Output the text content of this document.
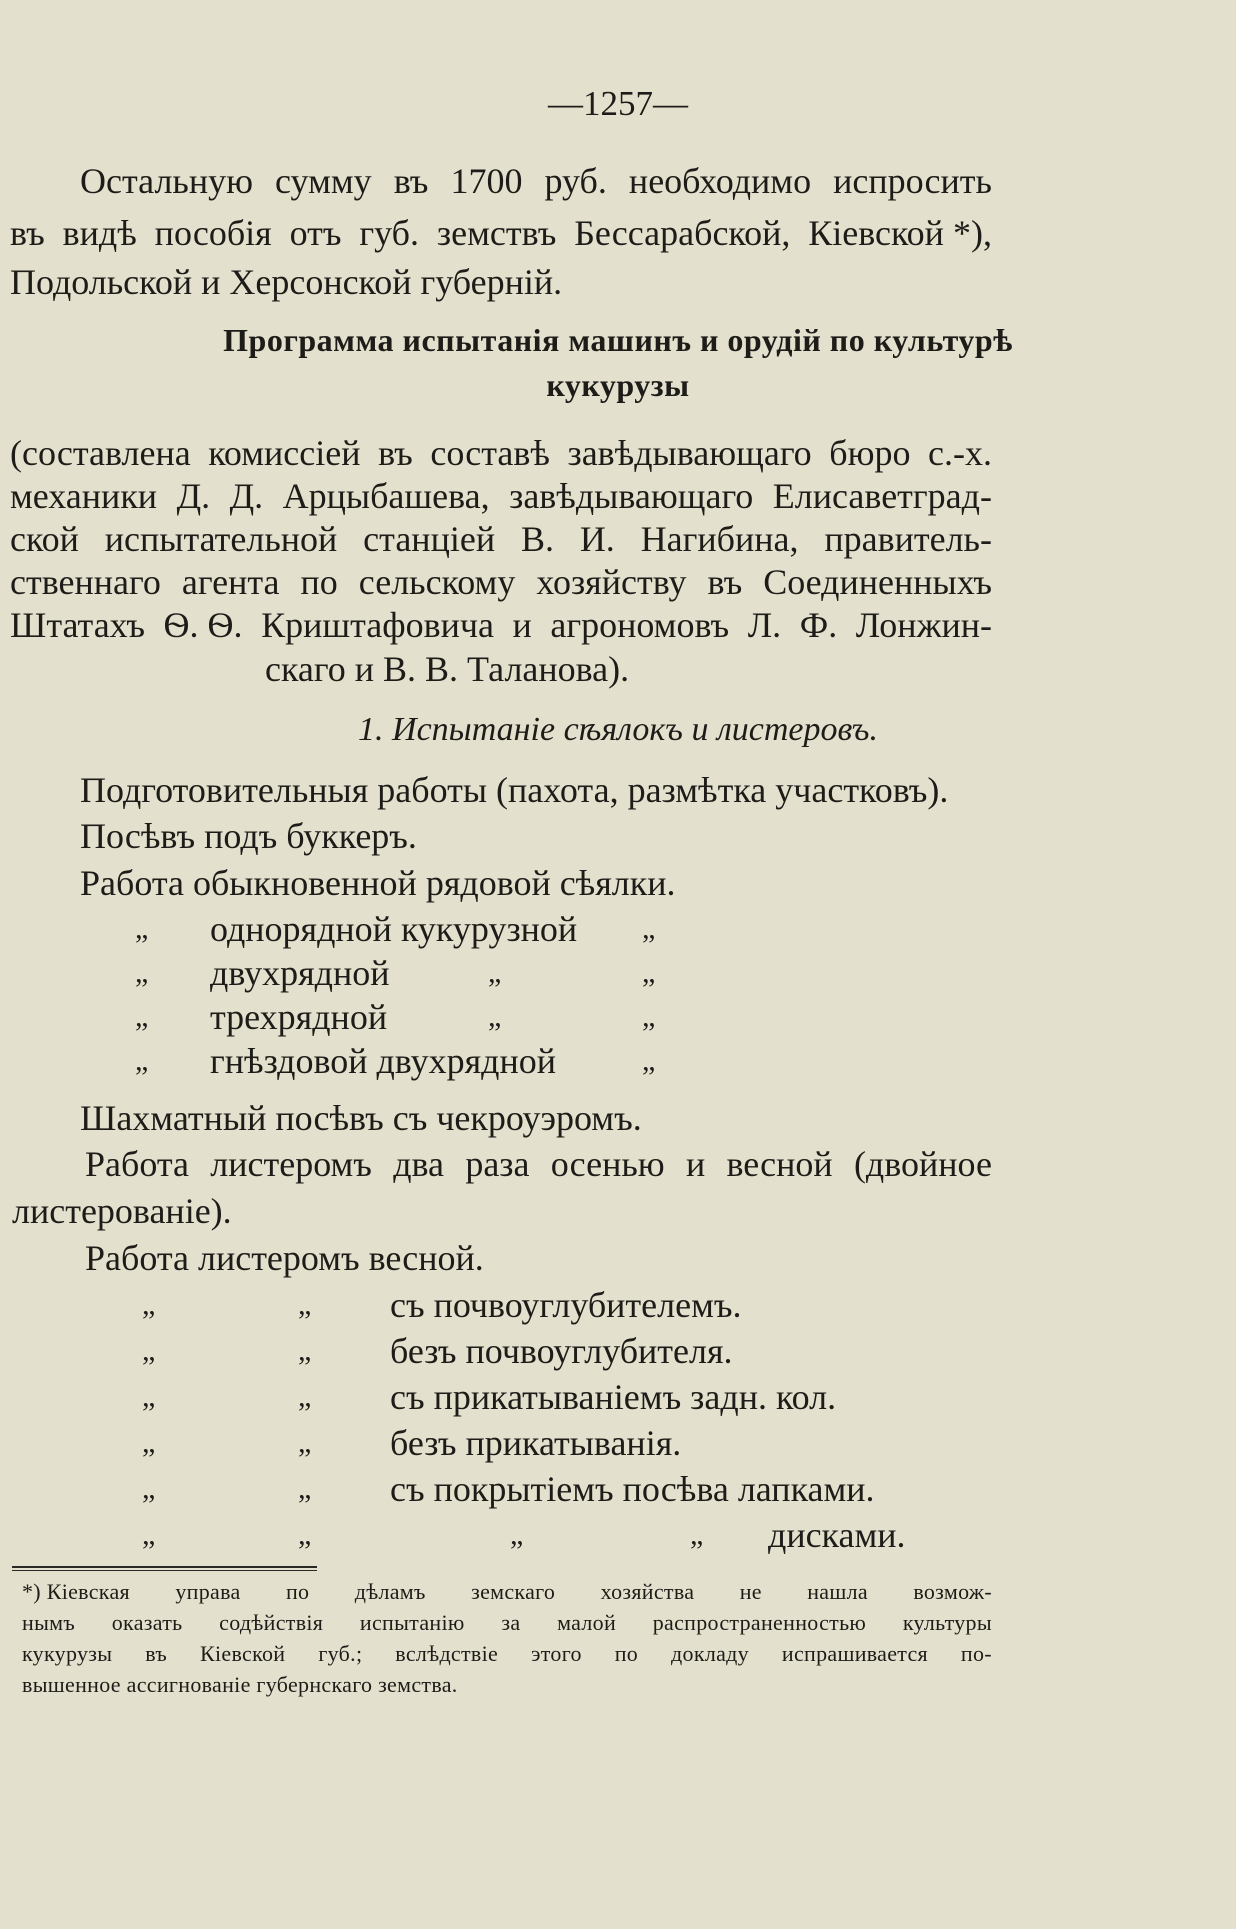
—1257—
Остальную сумму въ 1700 руб. необходимо испросить
въ видѣ пособія отъ губ. земствъ Бессарабской, Кіевской *),
Подольской и Херсонской губерній.
Программа испытанія машинъ и орудій по культурѣ
кукурузы
(составлена комиссіей въ составѣ завѣдывающаго бюро с.-х.
механики Д. Д. Арцыбашева, завѣдывающаго Елисаветград-
ской испытательной станціей В. И. Нагибина, правитель-
ственнаго агента по сельскому хозяйству въ Соединенныхъ
Штатахъ Ѳ. Ѳ. Криштафовича и агрономовъ Л. Ф. Лонжин-
скаго и В. В. Таланова).
1. Испытаніе сѣялокъ и листеровъ.
Подготовительныя работы (пахота, размѣтка участковъ).
Посѣвъ подъ буккеръ.
Работа обыкновенной рядовой сѣялки.
„ однорядной кукурузной „
„ двухрядной	„	„
„ трехрядной	„	„
„ гнѣздовой двухрядной	„
Шахматный посѣвъ съ чекроуэромъ.
Работа листеромъ два раза осенью и весной (двойное
листерованіе).
Работа листеромъ весной.
„	„ съ почвоуглубителемъ.
„	„ безъ почвоуглубителя.
„	„ съ прикатываніемъ задн. кол.
„	„ безъ прикатыванія.
„	„ съ покрытіемъ посѣва лапками.
„	„	„	„ дисками.
*) Кіевская управа по дѣламъ земскаго хозяйства не нашла возмож-
нымъ оказать содѣйствія испытанію за малой распространенностью культуры
кукурузы въ Кіевской губ.; вслѣдствіе этого по докладу испрашивается по-
вышенное ассигнованіе губернскаго земства.
